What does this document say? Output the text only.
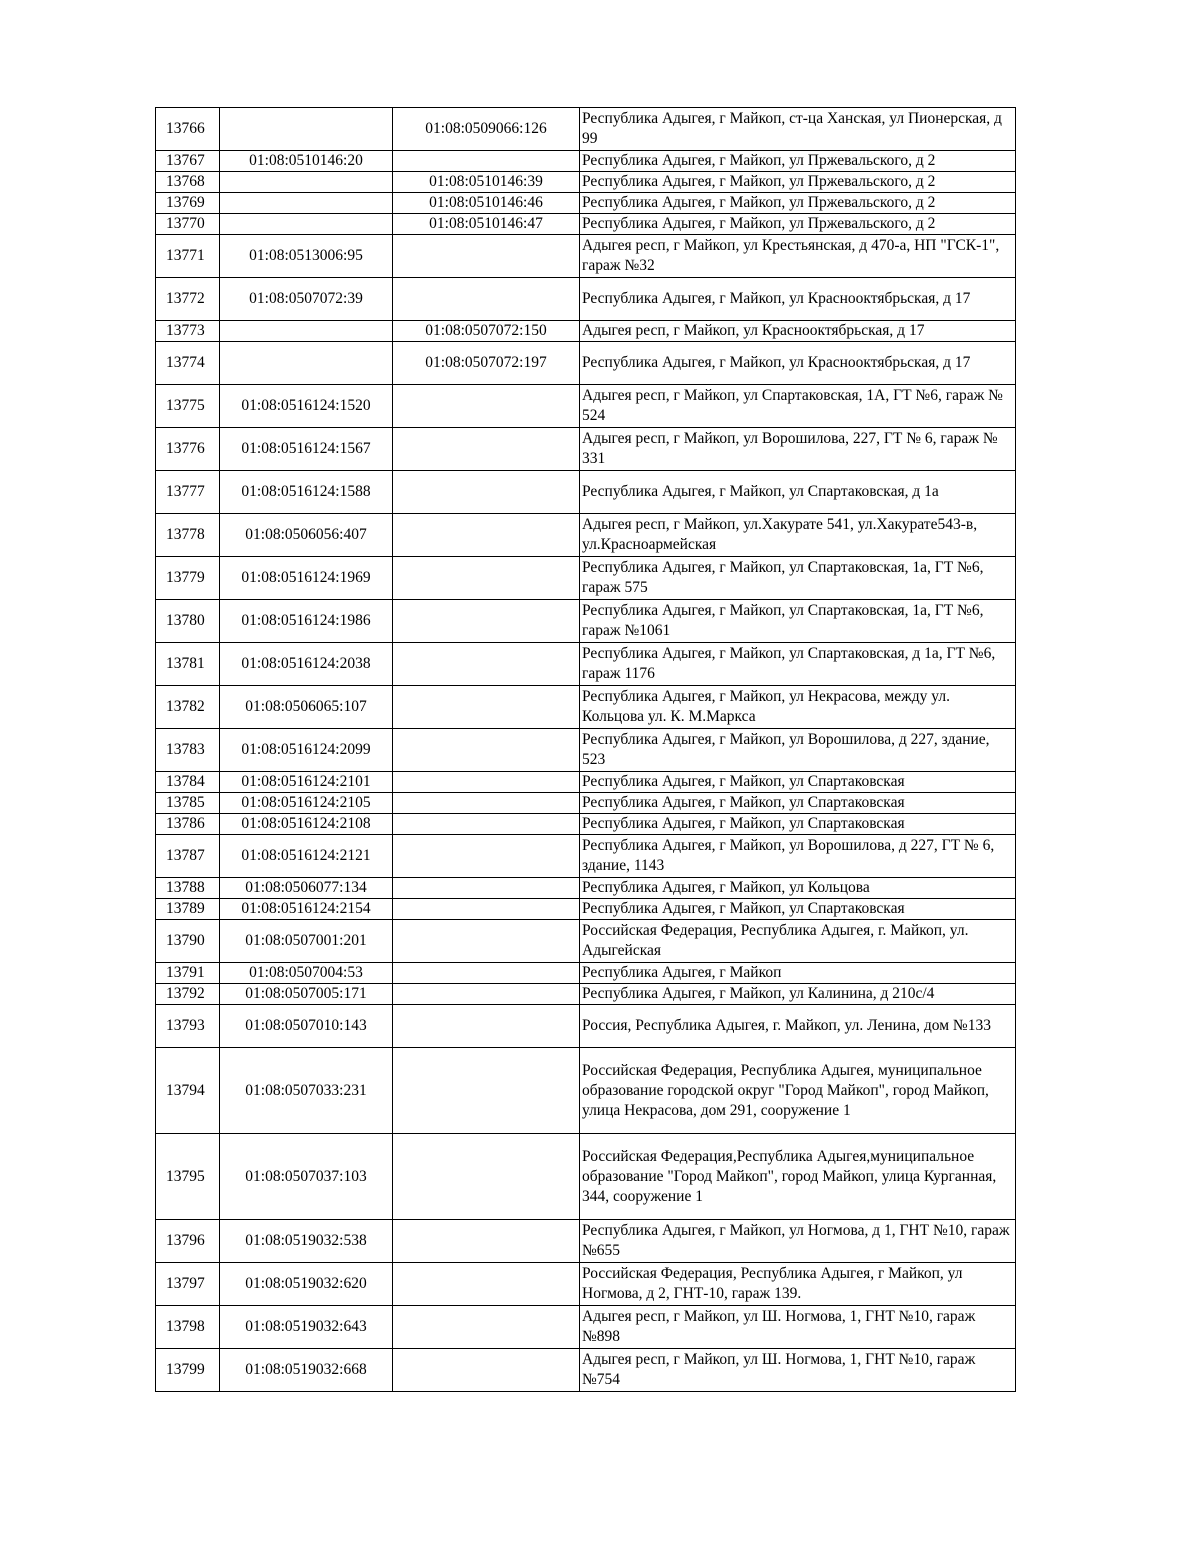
13766		01:08:0509066:126	Республика Адыгея, г Майкоп, ст-ца Ханская, ул Пионерская, д 99
13767	01:08:0510146:20		Республика Адыгея, г Майкоп, ул Пржевальского, д 2
13768		01:08:0510146:39	Республика Адыгея, г Майкоп, ул Пржевальского, д 2
13769		01:08:0510146:46	Республика Адыгея, г Майкоп, ул Пржевальского, д 2
13770		01:08:0510146:47	Республика Адыгея, г Майкоп, ул Пржевальского, д 2
13771	01:08:0513006:95		Адыгея респ, г Майкоп, ул Крестьянская, д 470-а, НП "ГСК-1", гараж №32
13772	01:08:0507072:39		Республика Адыгея, г Майкоп, ул Краснооктябрьская, д 17
13773		01:08:0507072:150	Адыгея респ, г Майкоп, ул Краснооктябрьская, д 17
13774		01:08:0507072:197	Республика Адыгея, г Майкоп, ул Краснооктябрьская, д 17
13775	01:08:0516124:1520		Адыгея респ, г Майкоп, ул Спартаковская, 1А, ГТ №6, гараж № 524
13776	01:08:0516124:1567		Адыгея респ, г Майкоп, ул Ворошилова, 227, ГТ № 6, гараж № 331
13777	01:08:0516124:1588		Республика Адыгея, г Майкоп, ул Спартаковская, д 1а
13778	01:08:0506056:407		Адыгея респ, г Майкоп, ул.Хакурате 541, ул.Хакурате543-в, ул.Красноармейская
13779	01:08:0516124:1969		Республика Адыгея, г Майкоп, ул Спартаковская, 1а, ГТ №6, гараж 575
13780	01:08:0516124:1986		Республика Адыгея, г Майкоп, ул Спартаковская, 1а, ГТ №6, гараж №1061
13781	01:08:0516124:2038		Республика Адыгея, г Майкоп, ул Спартаковская, д 1а, ГТ №6, гараж 1176
13782	01:08:0506065:107		Республика Адыгея, г Майкоп, ул Некрасова, между ул. Кольцова ул. К. М.Маркса
13783	01:08:0516124:2099		Республика Адыгея, г Майкоп, ул Ворошилова, д 227, здание, 523
13784	01:08:0516124:2101		Республика Адыгея, г Майкоп, ул Спартаковская
13785	01:08:0516124:2105		Республика Адыгея, г Майкоп, ул Спартаковская
13786	01:08:0516124:2108		Республика Адыгея, г Майкоп, ул Спартаковская
13787	01:08:0516124:2121		Республика Адыгея, г Майкоп, ул Ворошилова, д 227, ГТ № 6, здание, 1143
13788	01:08:0506077:134		Республика Адыгея, г Майкоп, ул Кольцова
13789	01:08:0516124:2154		Республика Адыгея, г Майкоп, ул Спартаковская
13790	01:08:0507001:201		Российская Федерация, Республика Адыгея, г. Майкоп, ул. Адыгейская
13791	01:08:0507004:53		Республика Адыгея, г Майкоп
13792	01:08:0507005:171		Республика Адыгея, г Майкоп, ул Калинина, д 210с/4
13793	01:08:0507010:143		Россия, Республика Адыгея, г. Майкоп, ул. Ленина, дом №133
13794	01:08:0507033:231		Российская Федерация, Республика Адыгея, муниципальное образование городской округ "Город Майкоп", город Майкоп, улица Некрасова, дом 291, сооружение 1
13795	01:08:0507037:103		Российская Федерация,Республика Адыгея,муниципальное образование "Город Майкоп", город Майкоп, улица Курганная, 344, сооружение 1
13796	01:08:0519032:538		Республика Адыгея, г Майкоп, ул Ногмова, д 1, ГНТ №10, гараж №655
13797	01:08:0519032:620		Российская Федерация, Республика Адыгея, г Майкоп, ул Ногмова, д 2, ГНТ-10, гараж 139.
13798	01:08:0519032:643		Адыгея респ, г Майкоп, ул Ш. Ногмова, 1, ГНТ №10, гараж №898
13799	01:08:0519032:668		Адыгея респ, г Майкоп, ул Ш. Ногмова, 1, ГНТ №10, гараж №754
